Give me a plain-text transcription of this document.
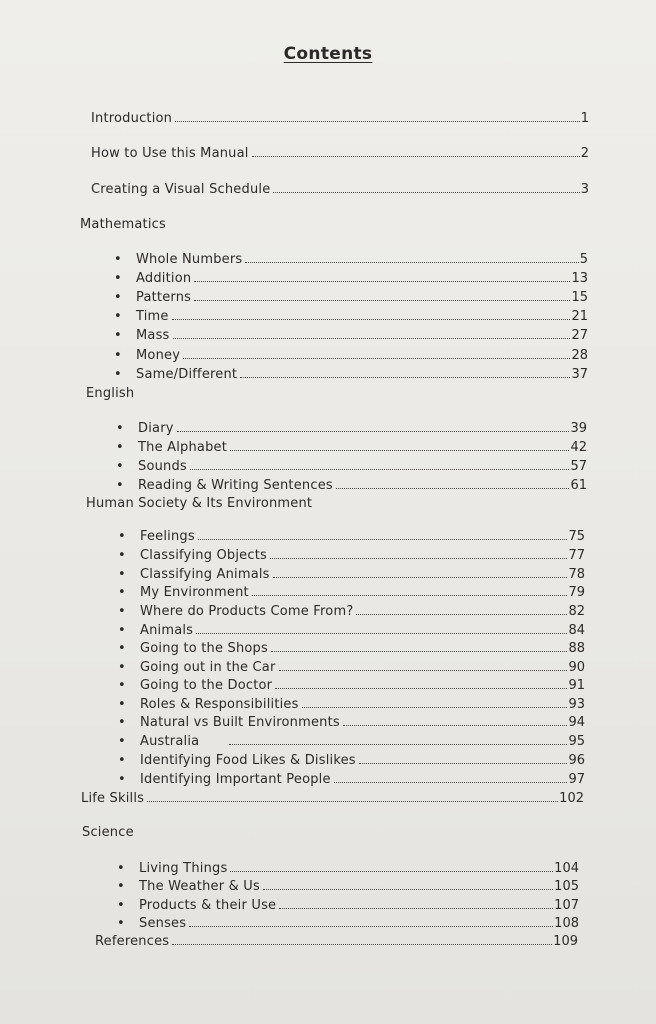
Contents
Introduction	1
How to Use this Manual	2
Creating a Visual Schedule	3
Mathematics
• Whole Numbers	5
• Addition	13
• Patterns	15
• Time	21
• Mass	27
• Money	28
• Same/Different	37
English
• Diary	39
• The Alphabet	42
• Sounds	57
• Reading & Writing Sentences	61
Human Society & Its Environment
• Feelings	75
• Classifying Objects	77
• Classifying Animals	78
• My Environment	79
• Where do Products Come From?	82
• Animals	84
• Going to the Shops	88
• Going out in the Car	90
• Going to the Doctor	91
• Roles & Responsibilities	93
• Natural vs Built Environments	94
• Australia	95
• Identifying Food Likes & Dislikes	96
• Identifying Important People	97
Life Skills	102
Science
• Living Things	104
• The Weather & Us	105
• Products & their Use	107
• Senses	108
References	109
